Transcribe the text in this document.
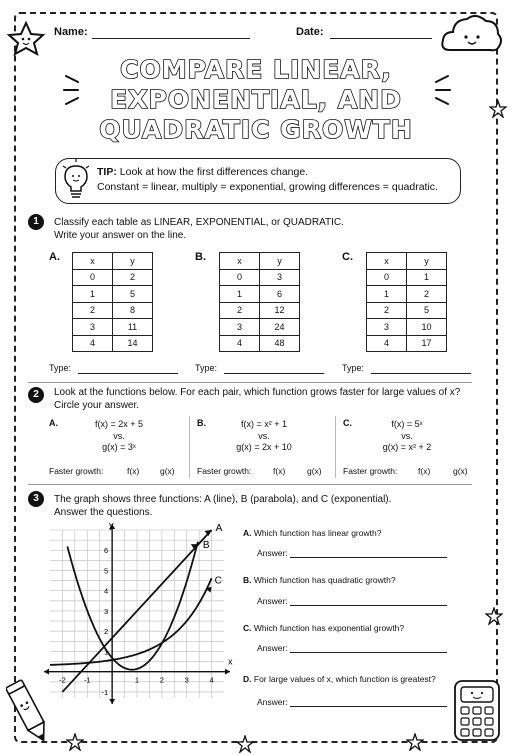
Name:	Date:
COMPARE LINEAR,
EXPONENTIAL, AND
QUADRATIC GROWTH
TIP: Look at how the first differences change.
Constant = linear, multiply = exponential, growing differences = quadratic.
1	Classify each table as LINEAR, EXPONENTIAL, or QUADRATIC.
Write your answer on the line.
A.	x	y
0	2
1	5
2	8
3	11
4	14
B.	x	y
0	3
1	6
2	12
3	24
4	48
C.	x	y
0	1
1	2
2	5
3	10
4	17
Type:	Type:	Type:
2	Look at the functions below. For each pair, which function grows faster for large values of x?
Circle your answer.
A.	f(x) = 2x + 5
vs.
g(x) = 3ˣ
Faster growth:	f(x) g(x)
B.	f(x) = x² + 1
vs.
g(x) = 2x + 10
Faster growth:	f(x)	g(x)
C.	f(x) = 5ˣ
vs.
g(x) = x² + 2
Faster growth: f(x)	g(x)
3	The graph shows three functions: A (line), B (parabola), and C (exponential).
Answer the questions.
x
y
-2 -1	1	2	3	4
6
5
4
3
2
1
-1
A
B
C
A. Which function has linear growth?
Answer:
B. Which function has quadratic growth?
Answer:
C. Which function has exponential growth?
Answer:
D. For large values of x, which function is greatest?
Answer:
